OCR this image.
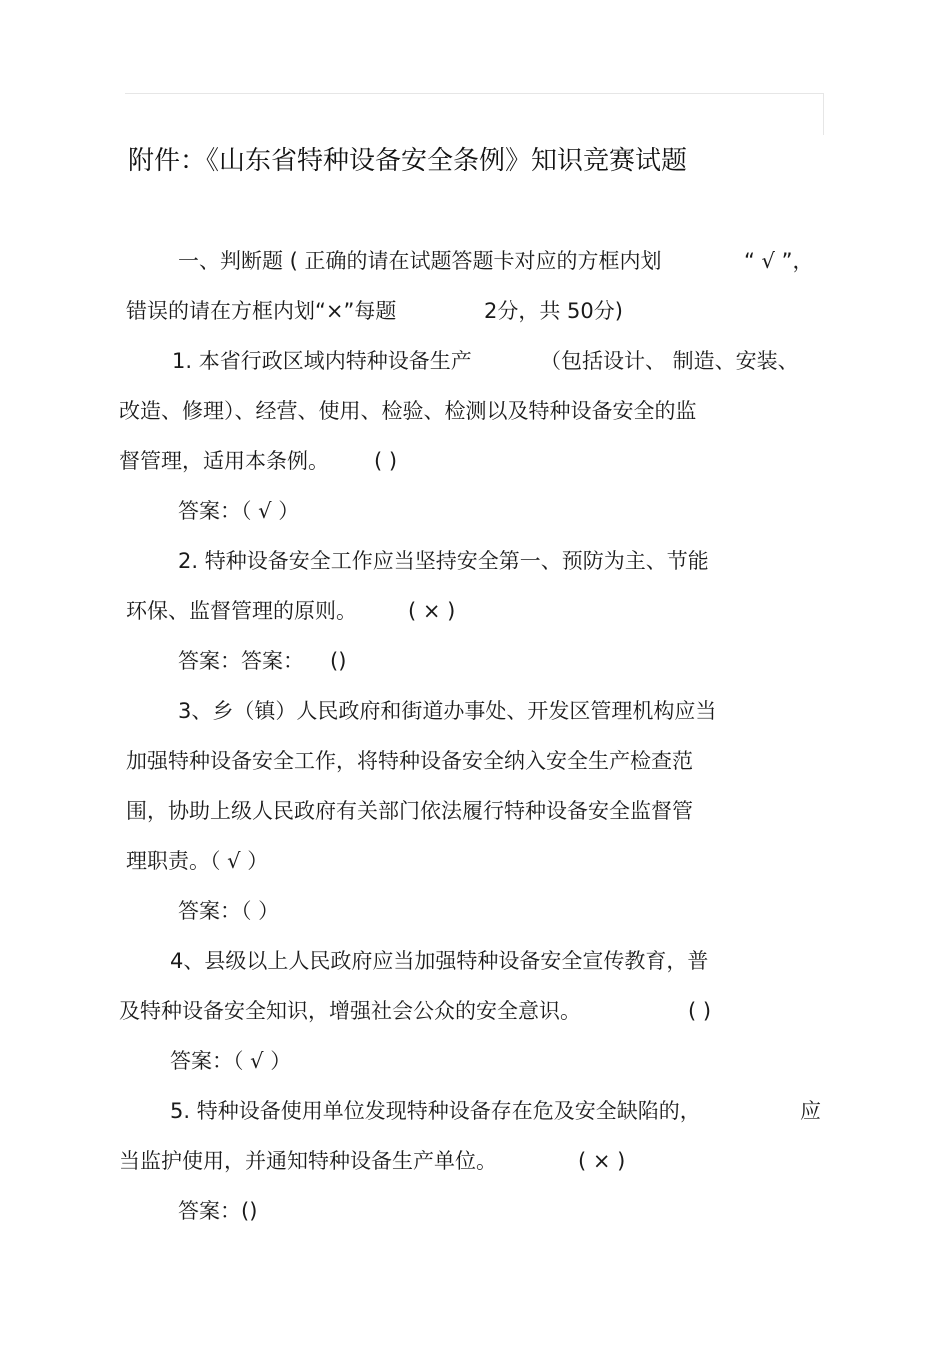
附件：《山东省特种设备安全条例》知识竞赛试题
一、判断题 ( 正确的请在试题答题卡对应的方框内划	“ √ ”，
错误的请在方框内划“×”每题	2分，共 50分)
1. 本省行政区域内特种设备生产	（包括设计、 制造、安装、
改造、修理）、经营、使用、检验、检测以及特种设备安全的监
督管理，适用本条例。 ( )
答案：（ √ ）
2. 特种设备安全工作应当坚持安全第一、预防为主、节能
环保、监督管理的原则。 ( × )
答案：答案： ()
3、乡（镇）人民政府和街道办事处、开发区管理机构应当
加强特种设备安全工作，将特种设备安全纳入安全生产检查范
围，协助上级人民政府有关部门依法履行特种设备安全监督管
理职责。（ √ ）
答案：（ ）
4、县级以上人民政府应当加强特种设备安全宣传教育，普
及特种设备安全知识，增强社会公众的安全意识。	( )
答案：（ √ ）
5. 特种设备使用单位发现特种设备存在危及安全缺陷的，	应
当监护使用，并通知特种设备生产单位。	( × )
答案：()
